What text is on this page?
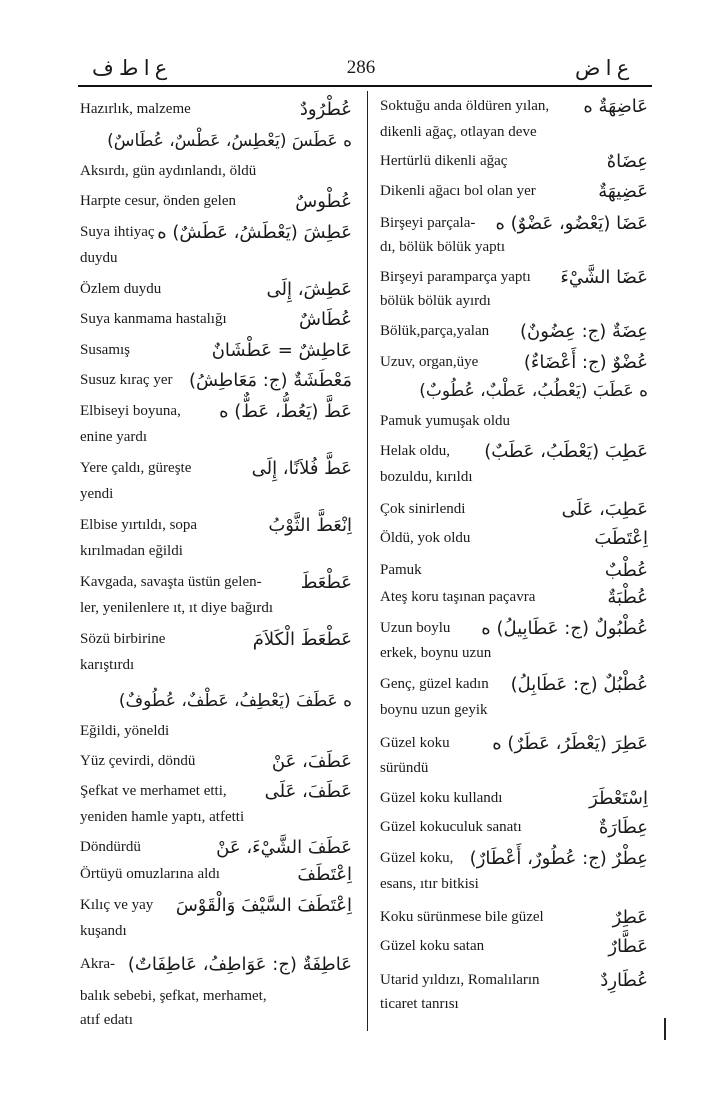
ع ا ط ف	286	ع ا ض
Hazırlık, malzeme	عُطْرُودٌ
ه عَطَسَ (يَعْطِسُ، عَطْسٌ، عُطَاسٌ)
Aksırdı, gün aydınlandı, öldü
Harpte cesur, önden gelen	عُطْوسٌ
Suya ihtiyaç عَطِشَ (يَعْطَشُ، عَطَشٌ) ه
duydu
Özlem duydu	عَطِشَ، إِلَى
Suya kanmama hastalığı	عُطَاشٌ
Susamış	عَاطِشٌ = عَطْشَانٌ
Susuz kıraç yer مَعْطَشَةٌ (ج: مَعَاطِشُ)
Elbiseyi boyuna, عَطَّ (يَعُطُّ، عَطٌّ) ه
enine yardı
Yere çaldı, güreşte	عَطَّ فُلاَنًا، إِلَى
yendi
Elbise yırtıldı, sopa	اِنْعَطَّ الثَّوْبُ
kırılmadan eğildi
Kavgada, savaşta üstün gelen- عَطْعَطَ
ler, yenilenlere ıt, ıt diye bağırdı
Sözü birbirine	عَطْعَطَ الْكَلاَمَ
karıştırdı
ه عَطَفَ (يَعْطِفُ، عَطْفٌ، عُطُوفٌ)
Eğildi, yöneldi
Yüz çevirdi, döndü	عَطَفَ، عَنْ
Şefkat ve merhamet etti, عَطَفَ، عَلَى
yeniden hamle yaptı, atfetti
Döndürdü	عَطَفَ الشَّيْءَ، عَنْ
Örtüyü omuzlarına aldı	اِعْتَطَفَ
Kılıç ve yay اِعْتَطَفَ السَّيْفَ وَالْقَوْسَ
kuşandı
Akra- عَاطِفَةٌ (ج: عَوَاطِفُ، عَاطِفَاتٌ)
balık sebebi, şefkat, merhamet,
atıf edatı
Soktuğu anda öldüren yılan, عَاضِهَةٌ ه
dikenli ağaç, otlayan deve
Hertürlü dikenli ağaç	عِضَاهٌ
Dikenli ağacı bol olan yer	عَضِيهَةٌ
Birşeyi parçala- عَضَا (يَعْضُو، عَضْوٌ) ه
dı, bölük bölük yaptı
Birşeyi paramparça yaptı عَضَا الشَّيْءَ
bölük bölük ayırdı
Bölük,parça,yalan عِضَةٌ (ج: عِضُونٌ)
Uzuv, organ,üye	عُضْوٌ (ج: أَعْضَاءٌ)
ه عَطَبَ (يَعْطُبُ، عَطْبٌ، عُطُوبٌ)
Pamuk yumuşak oldu
Helak oldu, عَطِبَ (يَعْطَبُ، عَطَبٌ)
bozuldu, kırıldı
Çok sinirlendi	عَطِبَ، عَلَى
Öldü, yok oldu	اِعْتَطَبَ
Pamuk	عُطْبٌ
Ateş koru taşınan paçavra	عُطْبَةٌ
Uzun boylu عُطْبُولٌ (ج: عَطَابِيلُ) ه
erkek, boynu uzun
Genç, güzel kadın عُطْبُلٌ (ج: عَطَابِلُ)
boynu uzun geyik
Güzel koku عَطِرَ (يَعْطَرُ، عَطَرٌ) ه
süründü
Güzel koku kullandı	اِسْتَعْطَرَ
Güzel kokuculuk sanatı	عِطَارَةٌ
Güzel koku, عِطْرٌ (ج: عُطُورٌ، أَعْطَارٌ)
esans, ıtır bitkisi
Koku sürünmese bile güzel	عَطِرٌ
Güzel koku satan	عَطَّارٌ
Utarid yıldızı, Romalıların	عُطَارِدٌ
ticaret tanrısı
